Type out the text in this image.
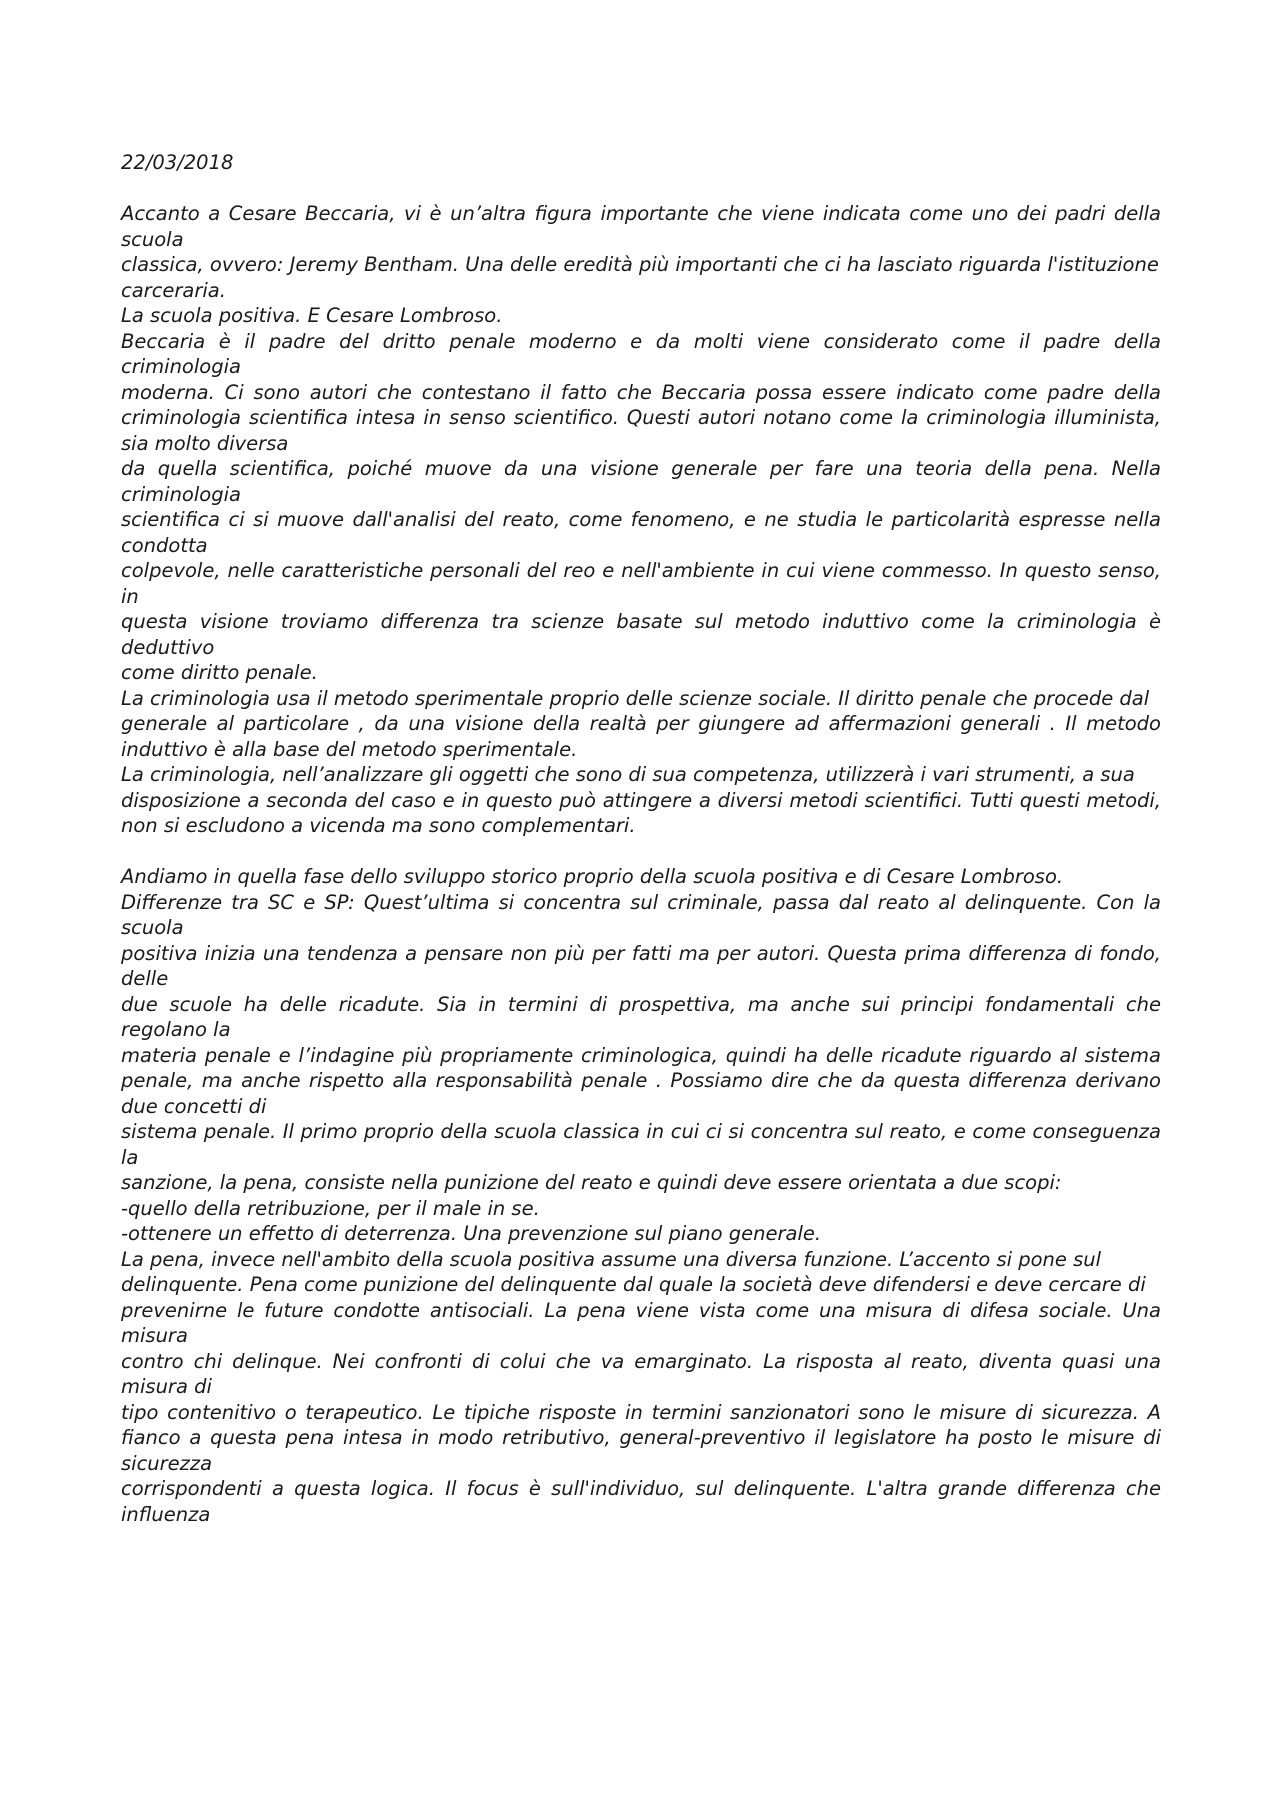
22/03/2018

Accanto a Cesare Beccaria, vi è un’altra figura importante che viene indicata come uno dei padri della scuola

classica, ovvero: Jeremy Bentham. Una delle eredità più importanti che ci ha lasciato riguarda l'istituzione

carceraria.

La scuola positiva. E Cesare Lombroso.

Beccaria è il padre del dritto penale moderno e da molti viene considerato come il padre della criminologia

moderna. Ci sono autori che contestano il fatto che Beccaria possa essere indicato come padre della criminologia scientifica intesa in senso scientifico. Questi autori notano come la criminologia illuminista, sia molto diversa

da quella scientifica, poiché muove da una visione generale per fare una teoria della pena. Nella criminologia

scientifica ci si muove dall'analisi del reato, come fenomeno, e ne studia le particolarità espresse nella condotta

colpevole, nelle caratteristiche personali del reo e nell'ambiente in cui viene commesso. In questo senso, in

questa visione troviamo differenza tra scienze basate sul metodo induttivo come la criminologia è deduttivo

come diritto penale.

La criminologia usa il metodo sperimentale proprio delle scienze sociale. Il diritto penale che procede dal

generale al particolare , da una visione della realtà per giungere ad affermazioni generali . Il metodo induttivo è alla base del metodo sperimentale.

La criminologia, nell’analizzare gli oggetti che sono di sua competenza, utilizzerà i vari strumenti, a sua

disposizione a seconda del caso e in questo può attingere a diversi metodi scientifici. Tutti questi metodi, non si escludono a vicenda ma sono complementari.

Andiamo in quella fase dello sviluppo storico proprio della scuola positiva e di Cesare Lombroso.

Differenze tra SC e SP: Quest’ultima si concentra sul criminale, passa dal reato al delinquente. Con la scuola

positiva inizia una tendenza a pensare non più per fatti ma per autori. Questa prima differenza di fondo, delle

due scuole ha delle ricadute. Sia in termini di prospettiva, ma anche sui principi fondamentali che regolano la

materia penale e l’indagine più propriamente criminologica, quindi ha delle ricadute riguardo al sistema penale, ma anche rispetto alla responsabilità penale . Possiamo dire che da questa differenza derivano due concetti di

sistema penale. Il primo proprio della scuola classica in cui ci si concentra sul reato, e come conseguenza la

sanzione, la pena, consiste nella punizione del reato e quindi deve essere orientata a due scopi:

-quello della retribuzione, per il male in se.

-ottenere un effetto di deterrenza. Una prevenzione sul piano generale.

La pena, invece nell'ambito della scuola positiva assume una diversa funzione. L’accento si pone sul

delinquente. Pena come punizione del delinquente dal quale la società deve difendersi e deve cercare di

prevenirne le future condotte antisociali. La pena viene vista come una misura di difesa sociale. Una misura

contro chi delinque. Nei confronti di colui che va emarginato. La risposta al reato, diventa quasi una misura di

tipo contenitivo o terapeutico. Le tipiche risposte in termini sanzionatori sono le misure di sicurezza. A fianco a questa pena intesa in modo retributivo, general-preventivo il legislatore ha posto le misure di sicurezza

corrispondenti a questa logica. Il focus è sull'individuo, sul delinquente. L'altra grande differenza che influenza
